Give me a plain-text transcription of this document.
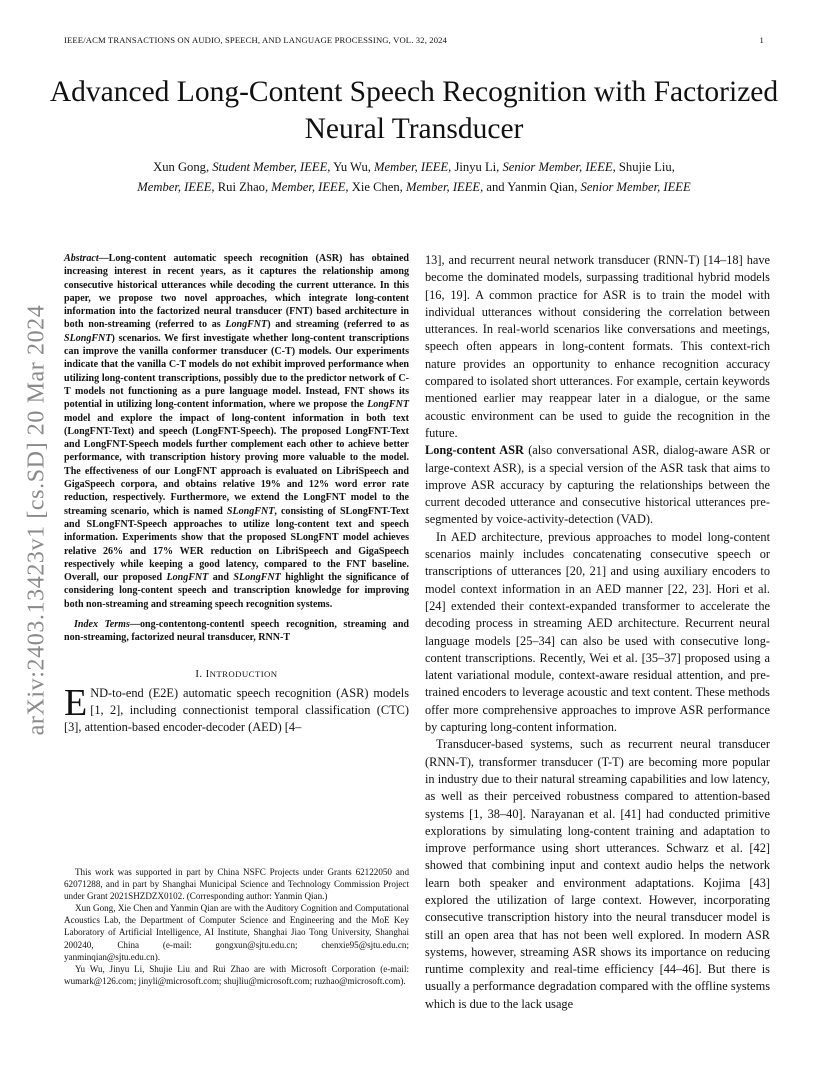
IEEE/ACM TRANSACTIONS ON AUDIO, SPEECH, AND LANGUAGE PROCESSING, VOL. 32, 2024	1
Advanced Long-Content Speech Recognition with Factorized Neural Transducer

Xun Gong, Student Member, IEEE, Yu Wu, Member, IEEE, Jinyu Li, Senior Member, IEEE, Shujie Liu,
Member, IEEE, Rui Zhao, Member, IEEE, Xie Chen, Member, IEEE, and Yanmin Qian, Senior Member, IEEE

arXiv:2403.13423v1 [cs.SD] 20 Mar 2024

Abstract—Long-content automatic speech recognition (ASR) has obtained increasing interest in recent years, as it captures the relationship among consecutive historical utterances while decoding the current utterance. In this paper, we propose two novel approaches, which integrate long-content information into the factorized neural transducer (FNT) based architecture in both non-streaming (referred to as LongFNT) and streaming (referred to as SLongFNT) scenarios. We first investigate whether long-content transcriptions can improve the vanilla conformer transducer (C-T) models. Our experiments indicate that the vanilla C-T models do not exhibit improved performance when utilizing long-content transcriptions, possibly due to the predictor network of C-T models not functioning as a pure language model. Instead, FNT shows its potential in utilizing long-content information, where we propose the LongFNT model and explore the impact of long-content information in both text (LongFNT-Text) and speech (LongFNT-Speech). The proposed LongFNT-Text and LongFNT-Speech models further complement each other to achieve better performance, with transcription history proving more valuable to the model. The effectiveness of our LongFNT approach is evaluated on LibriSpeech and GigaSpeech corpora, and obtains relative 19% and 12% word error rate reduction, respectively. Furthermore, we extend the LongFNT model to the streaming scenario, which is named SLongFNT, consisting of SLongFNT-Text and SLongFNT-Speech approaches to utilize long-content text and speech information. Experiments show that the proposed SLongFNT model achieves relative 26% and 17% WER reduction on LibriSpeech and GigaSpeech respectively while keeping a good latency, compared to the FNT baseline. Overall, our proposed LongFNT and SLongFNT highlight the significance of considering long-content speech and transcription knowledge for improving both non-streaming and streaming speech recognition systems.

Index Terms—ong-contentong-contentl speech recognition, streaming and non-streaming, factorized neural transducer, RNN-T

I. INTRODUCTION

END-to-end (E2E) automatic speech recognition (ASR) models [1, 2], including connectionist temporal classification (CTC) [3], attention-based encoder-decoder (AED) [4–

This work was supported in part by China NSFC Projects under Grants 62122050 and 62071288, and in part by Shanghai Municipal Science and Technology Commission Project under Grant 2021SHZDZX0102. (Corresponding author: Yanmin Qian.)

Xun Gong, Xie Chen and Yanmin Qian are with the Auditory Cognition and Computational Acoustics Lab, the Department of Computer Science and Engineering and the MoE Key Laboratory of Artificial Intelligence, AI Institute, Shanghai Jiao Tong University, Shanghai 200240, China (e-mail: gongxun@sjtu.edu.cn; chenxie95@sjtu.edu.cn; yanminqian@sjtu.edu.cn).

Yu Wu, Jinyu Li, Shujie Liu and Rui Zhao are with Microsoft Corporation (e-mail: wumark@126.com; jinyli@microsoft.com; shujliu@microsoft.com; ruzhao@microsoft.com).

13], and recurrent neural network transducer (RNN-T) [14–18] have become the dominated models, surpassing traditional hybrid models [16, 19]. A common practice for ASR is to train the model with individual utterances without considering the correlation between utterances. In real-world scenarios like conversations and meetings, speech often appears in long-content formats. This context-rich nature provides an opportunity to enhance recognition accuracy compared to isolated short utterances. For example, certain keywords mentioned earlier may reappear later in a dialogue, or the same acoustic environment can be used to guide the recognition in the future.

Long-content ASR (also conversational ASR, dialog-aware ASR or large-context ASR), is a special version of the ASR task that aims to improve ASR accuracy by capturing the relationships between the current decoded utterance and consecutive historical utterances pre-segmented by voice-activity-detection (VAD).

In AED architecture, previous approaches to model long-content scenarios mainly includes concatenating consecutive speech or transcriptions of utterances [20, 21] and using auxiliary encoders to model context information in an AED manner [22, 23]. Hori et al. [24] extended their context-expanded transformer to accelerate the decoding process in streaming AED architecture. Recurrent neural language models [25–34] can also be used with consecutive long-content transcriptions. Recently, Wei et al. [35–37] proposed using a latent variational module, context-aware residual attention, and pre-trained encoders to leverage acoustic and text content. These methods offer more comprehensive approaches to improve ASR performance by capturing long-content information.

Transducer-based systems, such as recurrent neural transducer (RNN-T), transformer transducer (T-T) are becoming more popular in industry due to their natural streaming capabilities and low latency, as well as their perceived robustness compared to attention-based systems [1, 38–40]. Narayanan et al. [41] had conducted primitive explorations by simulating long-content training and adaptation to improve performance using short utterances. Schwarz et al. [42] showed that combining input and context audio helps the network learn both speaker and environment adaptations. Kojima [43] explored the utilization of large context. However, incorporating consecutive transcription history into the neural transducer model is still an open area that has not been well explored. In modern ASR systems, however, streaming ASR shows its importance on reducing runtime complexity and real-time efficiency [44–46]. But there is usually a performance degradation compared with the offline systems which is due to the lack usage
